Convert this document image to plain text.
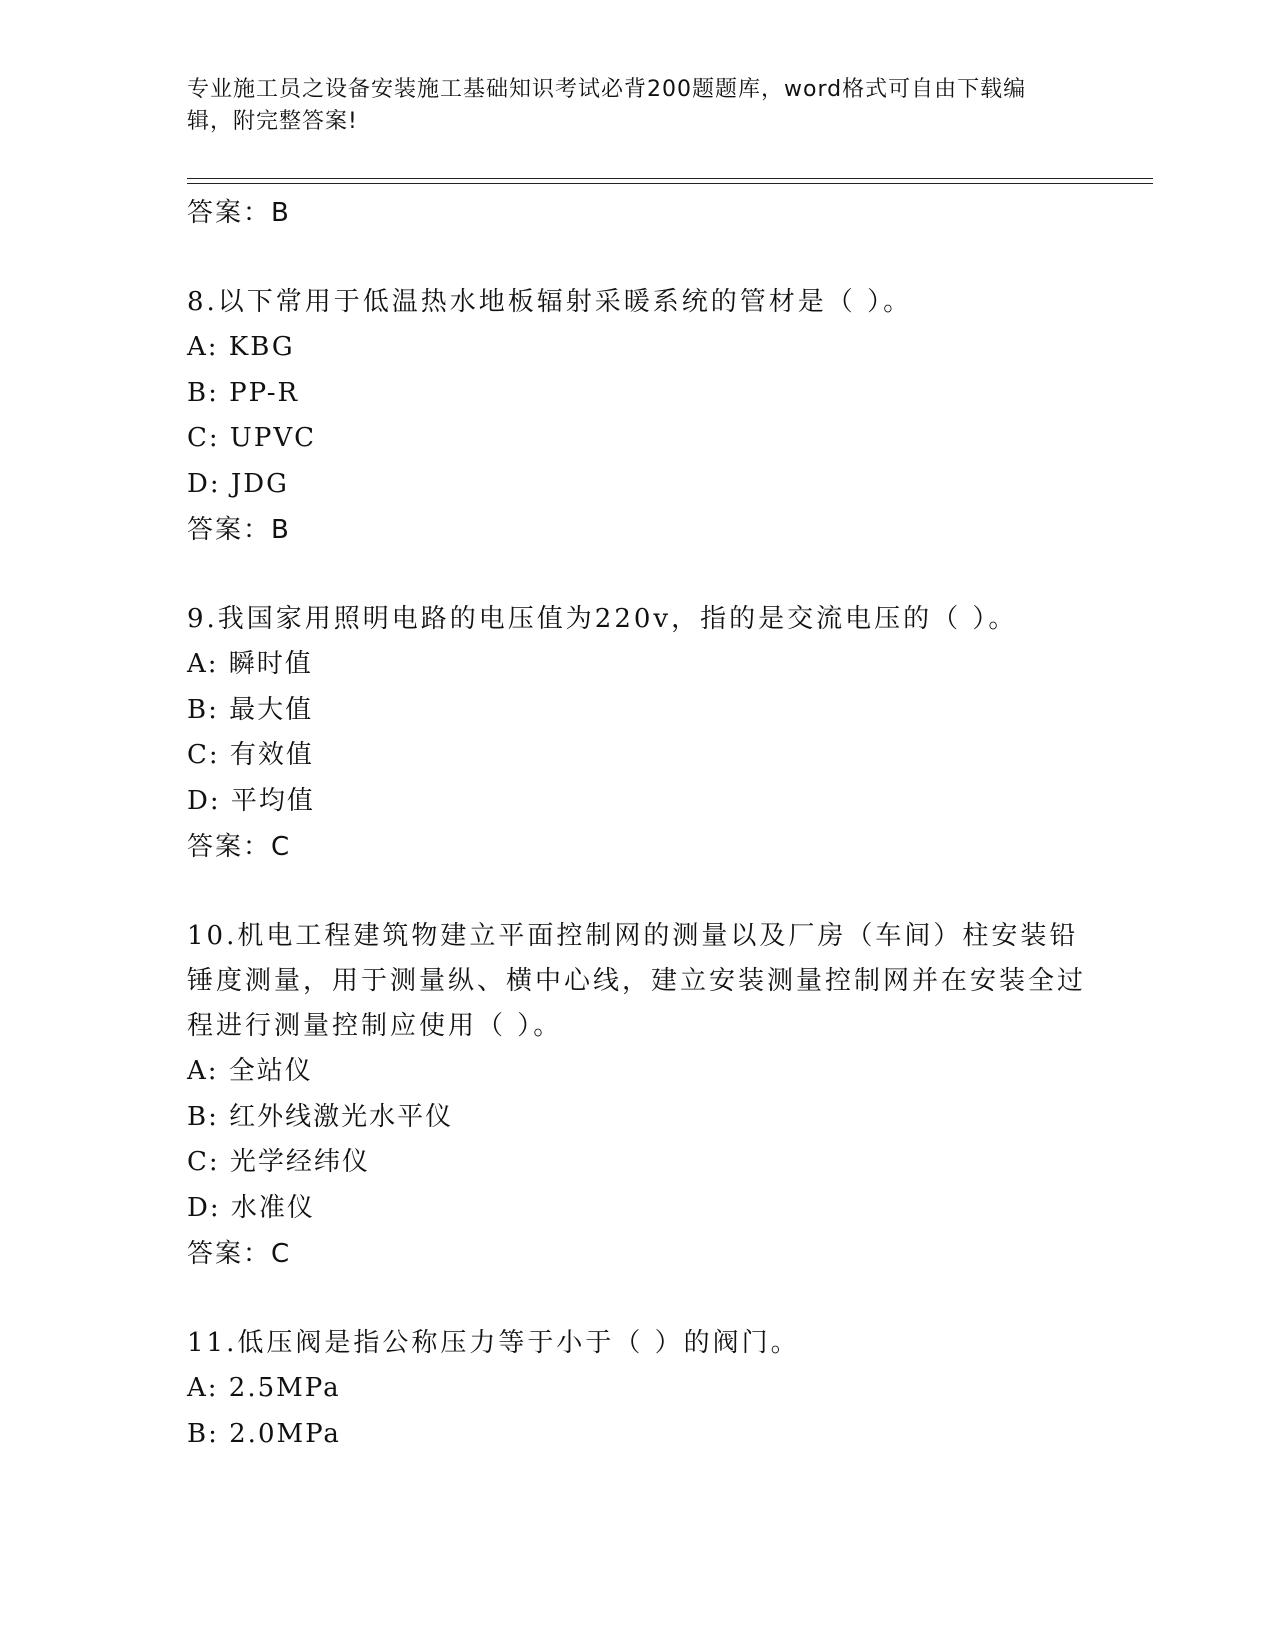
专业施工员之设备安装施工基础知识考试必背200题题库，word格式可自由下载编辑，附完整答案!
答案：B
8.以下常用于低温热水地板辐射采暖系统的管材是（ ）。
A: KBG
B: PP-R
C: UPVC
D: JDG
答案：B
9.我国家用照明电路的电压值为220v，指的是交流电压的（ ）。
A: 瞬时值
B: 最大值
C: 有效值
D: 平均值
答案：C
10.机电工程建筑物建立平面控制网的测量以及厂房（车间）柱安装铅锤度测量，用于测量纵、横中心线，建立安装测量控制网并在安装全过程进行测量控制应使用（ ）。
A: 全站仪
B: 红外线激光水平仪
C: 光学经纬仪
D: 水准仪
答案：C
11.低压阀是指公称压力等于小于（ ）的阀门。
A: 2.5MPa
B: 2.0MPa
